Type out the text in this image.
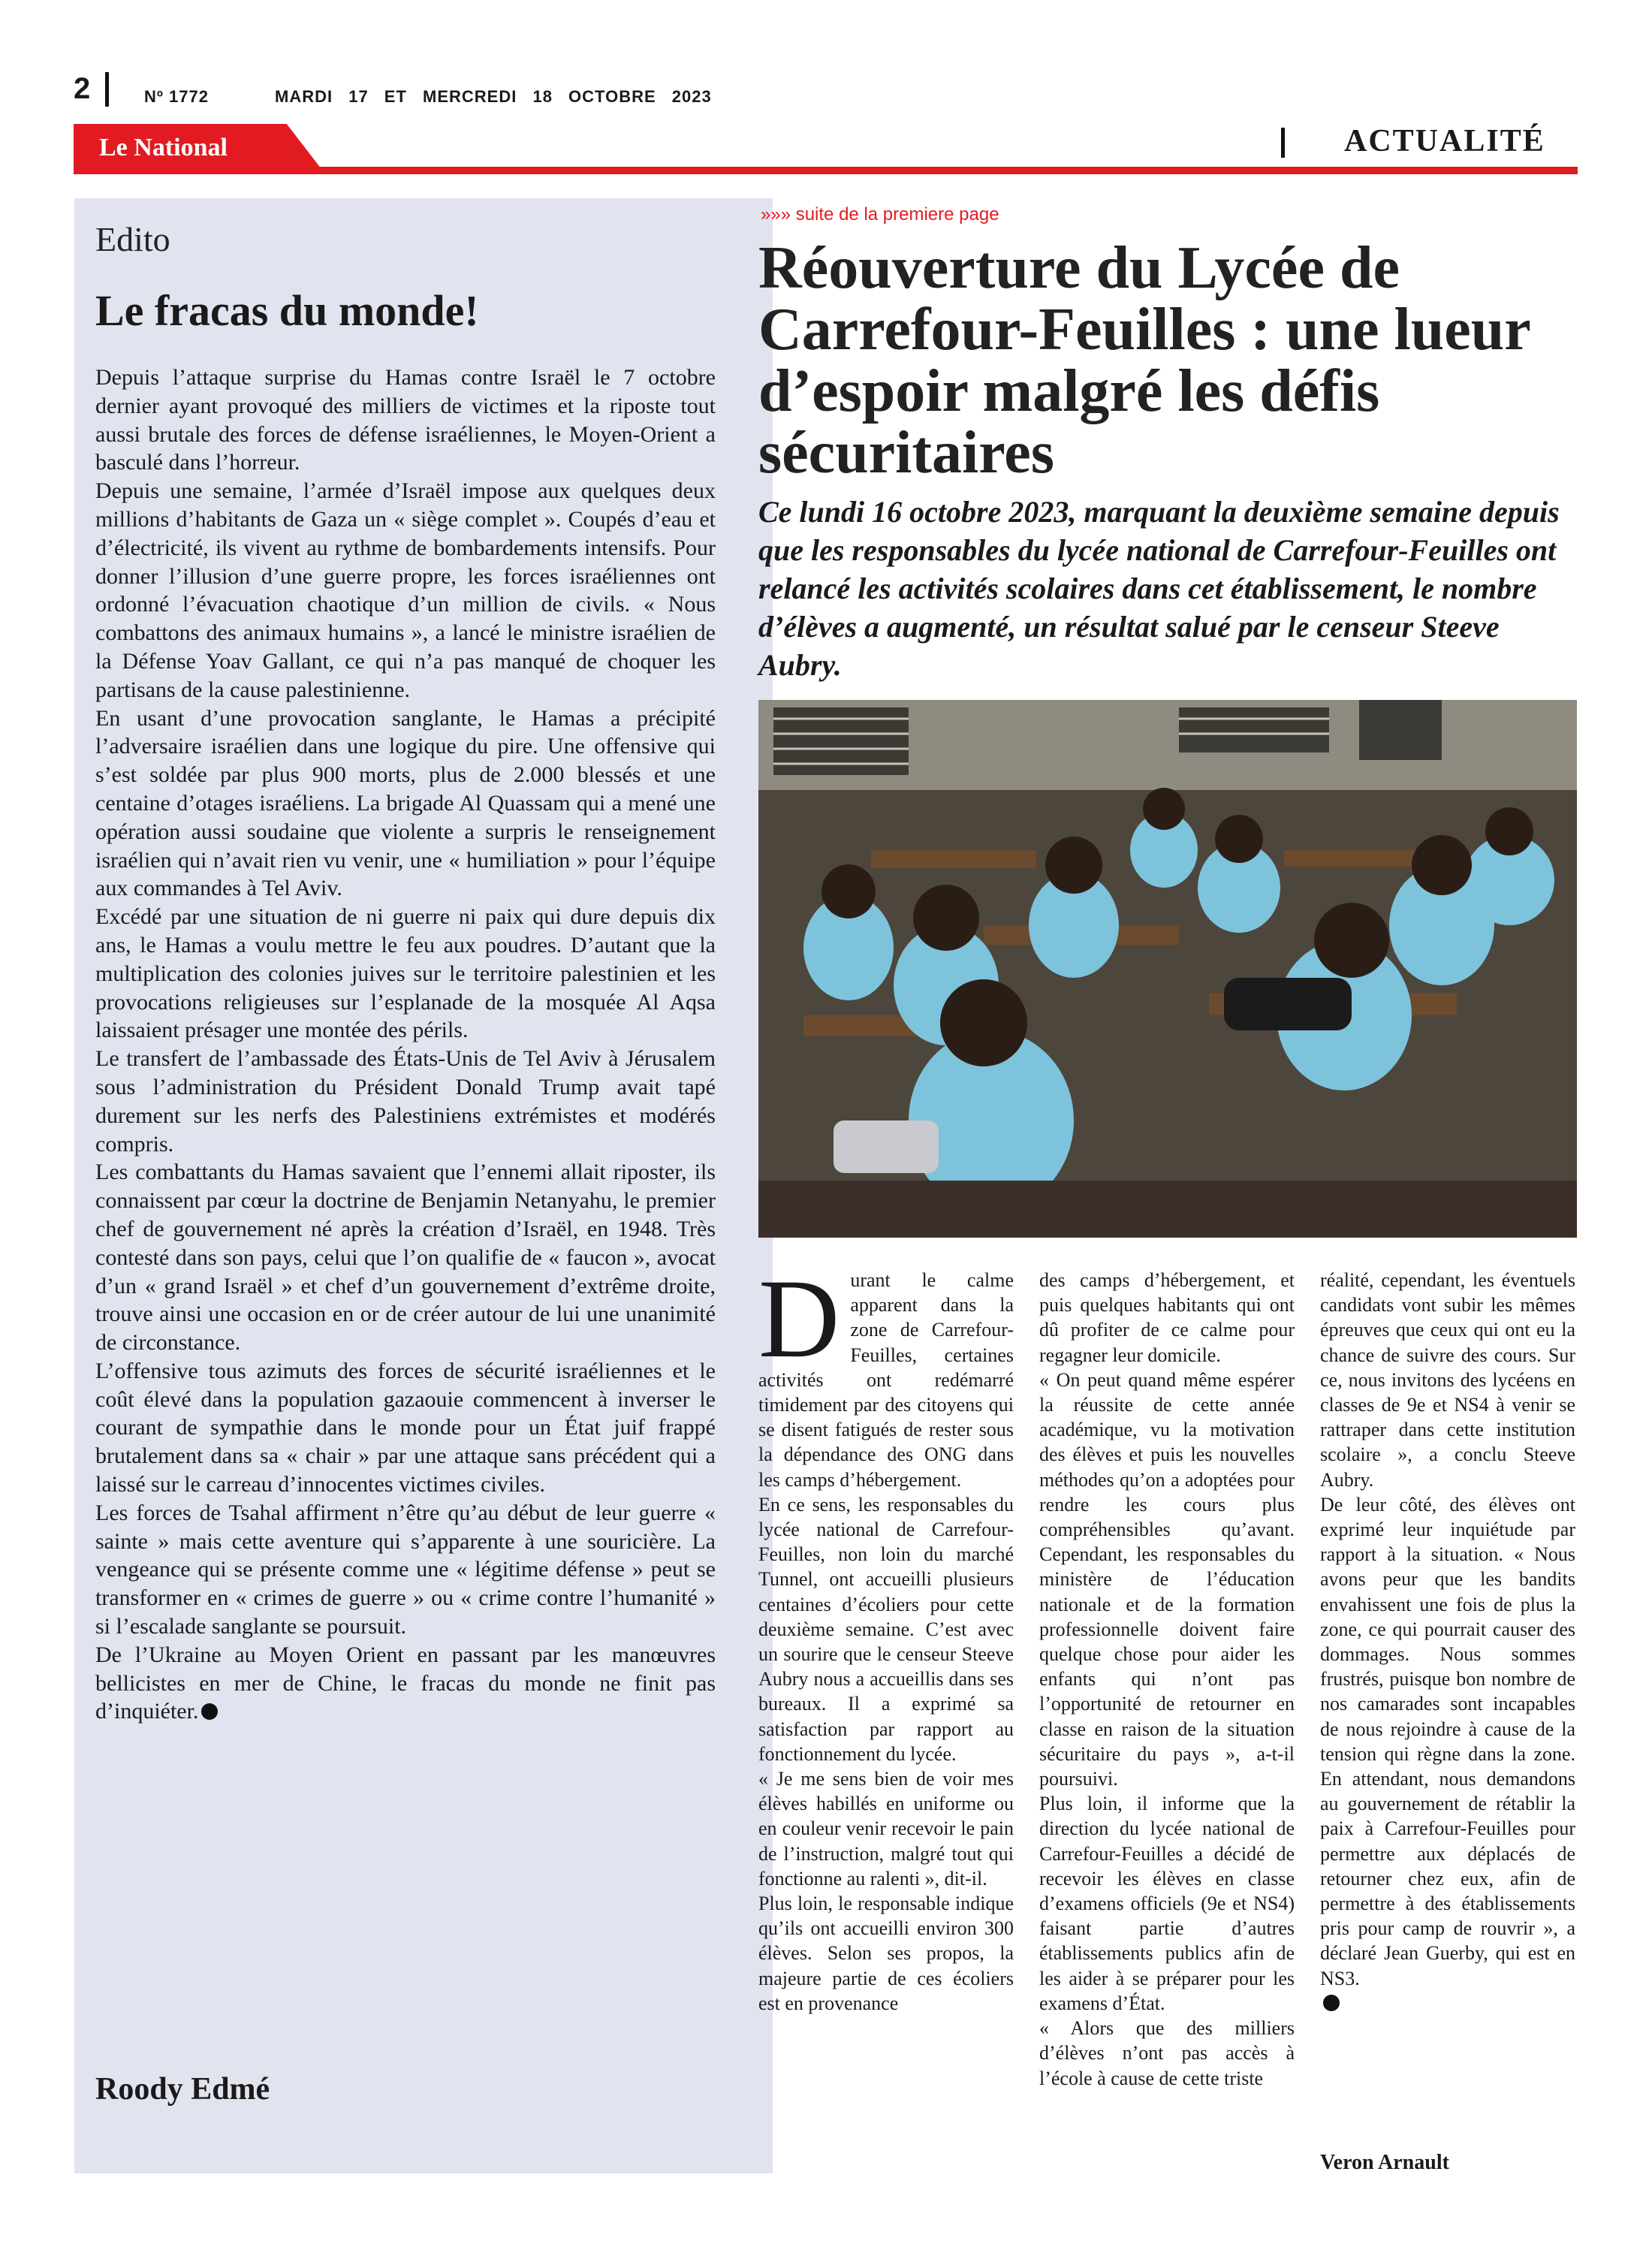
2	Nº 1772	MARDI 17 ET MERCREDI 18 OCTOBRE 2023
Le National	ACTUALITÉ
Edito
Le fracas du monde!

Depuis l’attaque surprise du Hamas contre Israël le 7 octobre dernier ayant provoqué des milliers de victimes et la riposte tout aussi brutale des forces de défense israéliennes, le Moyen-Orient a basculé dans l’horreur.

Depuis une semaine, l’armée d’Israël impose aux quelques deux millions d’habitants de Gaza un « siège complet ». Coupés d’eau et d’électricité, ils vivent au rythme de bombardements intensifs. Pour donner l’illusion d’une guerre propre, les forces israéliennes ont ordonné l’évacuation chaotique d’un million de civils. « Nous combattons des animaux humains », a lancé le ministre israélien de la Défense Yoav Gallant, ce qui n’a pas manqué de choquer les partisans de la cause palestinienne.

En usant d’une provocation sanglante, le Hamas a précipité l’adversaire israélien dans une logique du pire. Une offensive qui s’est soldée par plus 900 morts, plus de 2.000 blessés et une centaine d’otages israéliens. La brigade Al Quassam qui a mené une opération aussi soudaine que violente a surpris le renseignement israélien qui n’avait rien vu venir, une « humiliation » pour l’équipe aux commandes à Tel Aviv.

Excédé par une situation de ni guerre ni paix qui dure depuis dix ans, le Hamas a voulu mettre le feu aux poudres. D’autant que la multiplication des colonies juives sur le territoire palestinien et les provocations religieuses sur l’esplanade de la mosquée Al Aqsa laissaient présager une montée des périls.

Le transfert de l’ambassade des États-Unis de Tel Aviv à Jérusalem sous l’administration du Président Donald Trump avait tapé durement sur les nerfs des Palestiniens extrémistes et modérés compris.

Les combattants du Hamas savaient que l’ennemi allait riposter, ils connaissent par cœur la doctrine de Benjamin Netanyahu, le premier chef de gouvernement né après la création d’Israël, en 1948. Très contesté dans son pays, celui que l’on qualifie de « faucon », avocat d’un « grand Israël » et chef d’un gouvernement d’extrême droite, trouve ainsi une occasion en or de créer autour de lui une unanimité de circonstance.

L’offensive tous azimuts des forces de sécurité israéliennes et le coût élevé dans la population gazaouie commencent à inverser le courant de sympathie dans le monde pour un État juif frappé brutalement dans sa « chair » par une attaque sans précédent qui a laissé sur le carreau d’innocentes victimes civiles.

Les forces de Tsahal affirment n’être qu’au début de leur guerre « sainte » mais cette aventure qui s’apparente à une souricière. La vengeance qui se présente comme une « légitime défense » peut se transformer en « crimes de guerre » ou « crime contre l’humanité » si l’escalade sanglante se poursuit.

De l’Ukraine au Moyen Orient en passant par les manœuvres bellicistes en mer de Chine, le fracas du monde ne finit pas d’inquiéter.

Roody Edmé
»»» suite de la premiere page
Réouverture du Lycée de Carrefour-Feuilles : une lueur d’espoir malgré les défis sécuritaires
Ce lundi 16 octobre 2023, marquant la deuxième semaine depuis que les responsables du lycée national de Carrefour-Feuilles ont relancé les activités scolaires dans cet établissement, le nombre d’élèves a augmenté, un résultat salué par le censeur Steeve Aubry.

Durant le calme apparent dans la zone de Carrefour-Feuilles, certaines activités ont redémarré timidement par des citoyens qui se disent fatigués de rester sous la dépendance des ONG dans les camps d’hébergement.

En ce sens, les responsables du lycée national de Carrefour-Feuilles, non loin du marché Tunnel, ont accueilli plusieurs centaines d’écoliers pour cette deuxième semaine. C’est avec un sourire que le censeur Steeve Aubry nous a accueillis dans ses bureaux. Il a exprimé sa satisfaction par rapport au fonctionnement du lycée.

« Je me sens bien de voir mes élèves habillés en uniforme ou en couleur venir recevoir le pain de l’instruction, malgré tout qui fonctionne au ralenti », dit-il.

Plus loin, le responsable indique qu’ils ont accueilli environ 300 élèves. Selon ses propos, la majeure partie de ces écoliers est en provenance

des camps d’hébergement, et puis quelques habitants qui ont dû profiter de ce calme pour regagner leur domicile.

« On peut quand même espérer la réussite de cette année académique, vu la motivation des élèves et puis les nouvelles méthodes qu’on a adoptées pour rendre les cours plus compréhensibles qu’avant. Cependant, les responsables du ministère de l’éducation nationale et de la formation professionnelle doivent faire quelque chose pour aider les enfants qui n’ont pas l’opportunité de retourner en classe en raison de la situation sécuritaire du pays », a-t-il poursuivi.

Plus loin, il informe que la direction du lycée national de Carrefour-Feuilles a décidé de recevoir les élèves en classe d’examens officiels (9e et NS4) faisant partie d’autres établissements publics afin de les aider à se préparer pour les examens d’État.

« Alors que des milliers d’élèves n’ont pas accès à l’école à cause de cette triste

réalité, cependant, les éventuels candidats vont subir les mêmes épreuves que ceux qui ont eu la chance de suivre des cours. Sur ce, nous invitons des lycéens en classes de 9e et NS4 à venir se rattraper dans cette institution scolaire », a conclu Steeve Aubry.

De leur côté, des élèves ont exprimé leur inquiétude par rapport à la situation. « Nous avons peur que les bandits envahissent une fois de plus la zone, ce qui pourrait causer des dommages. Nous sommes frustrés, puisque bon nombre de nos camarades sont incapables de nous rejoindre à cause de la tension qui règne dans la zone. En attendant, nous demandons au gouvernement de rétablir la paix à Carrefour-Feuilles pour permettre aux déplacés de retourner chez eux, afin de permettre à des établissements pris pour camp de rouvrir », a déclaré Jean Guerby, qui est en NS3.

Veron Arnault
